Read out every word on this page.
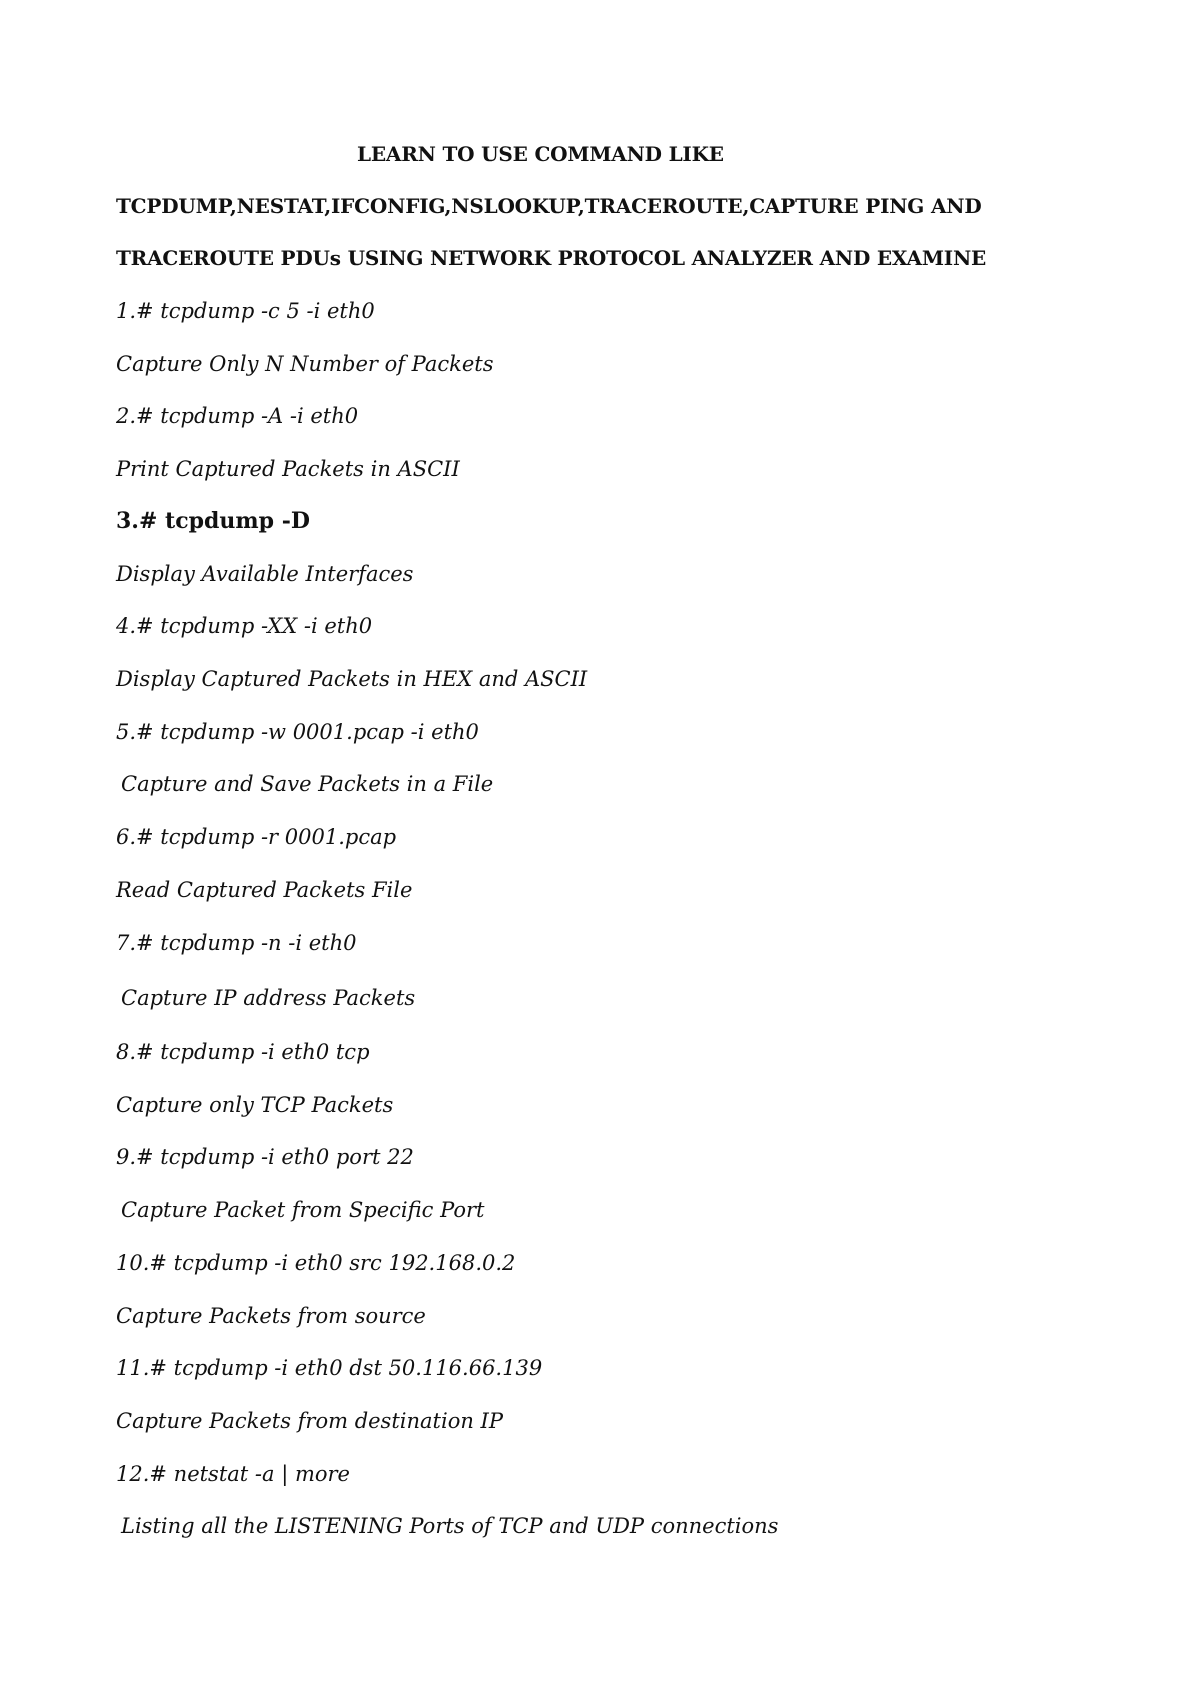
LEARN TO USE COMMAND LIKE
TCPDUMP,NESTAT,IFCONFIG,NSLOOKUP,TRACEROUTE,CAPTURE PING AND
TRACEROUTE PDUs USING NETWORK PROTOCOL ANALYZER AND EXAMINE
1.# tcpdump -c 5 -i eth0
Capture Only N Number of Packets
2.# tcpdump -A -i eth0
Print Captured Packets in ASCII
3.# tcpdump -D
Display Available Interfaces
4.# tcpdump -XX -i eth0
Display Captured Packets in HEX and ASCII
5.# tcpdump -w 0001.pcap -i eth0
Capture and Save Packets in a File
6.# tcpdump -r 0001.pcap
Read Captured Packets File
7.# tcpdump -n -i eth0
Capture IP address Packets
8.# tcpdump -i eth0 tcp
Capture only TCP Packets
9.# tcpdump -i eth0 port 22
Capture Packet from Specific Port
10.# tcpdump -i eth0 src 192.168.0.2
Capture Packets from source
11.# tcpdump -i eth0 dst 50.116.66.139
Capture Packets from destination IP
12.# netstat -a | more
Listing all the LISTENING Ports of TCP and UDP connections
